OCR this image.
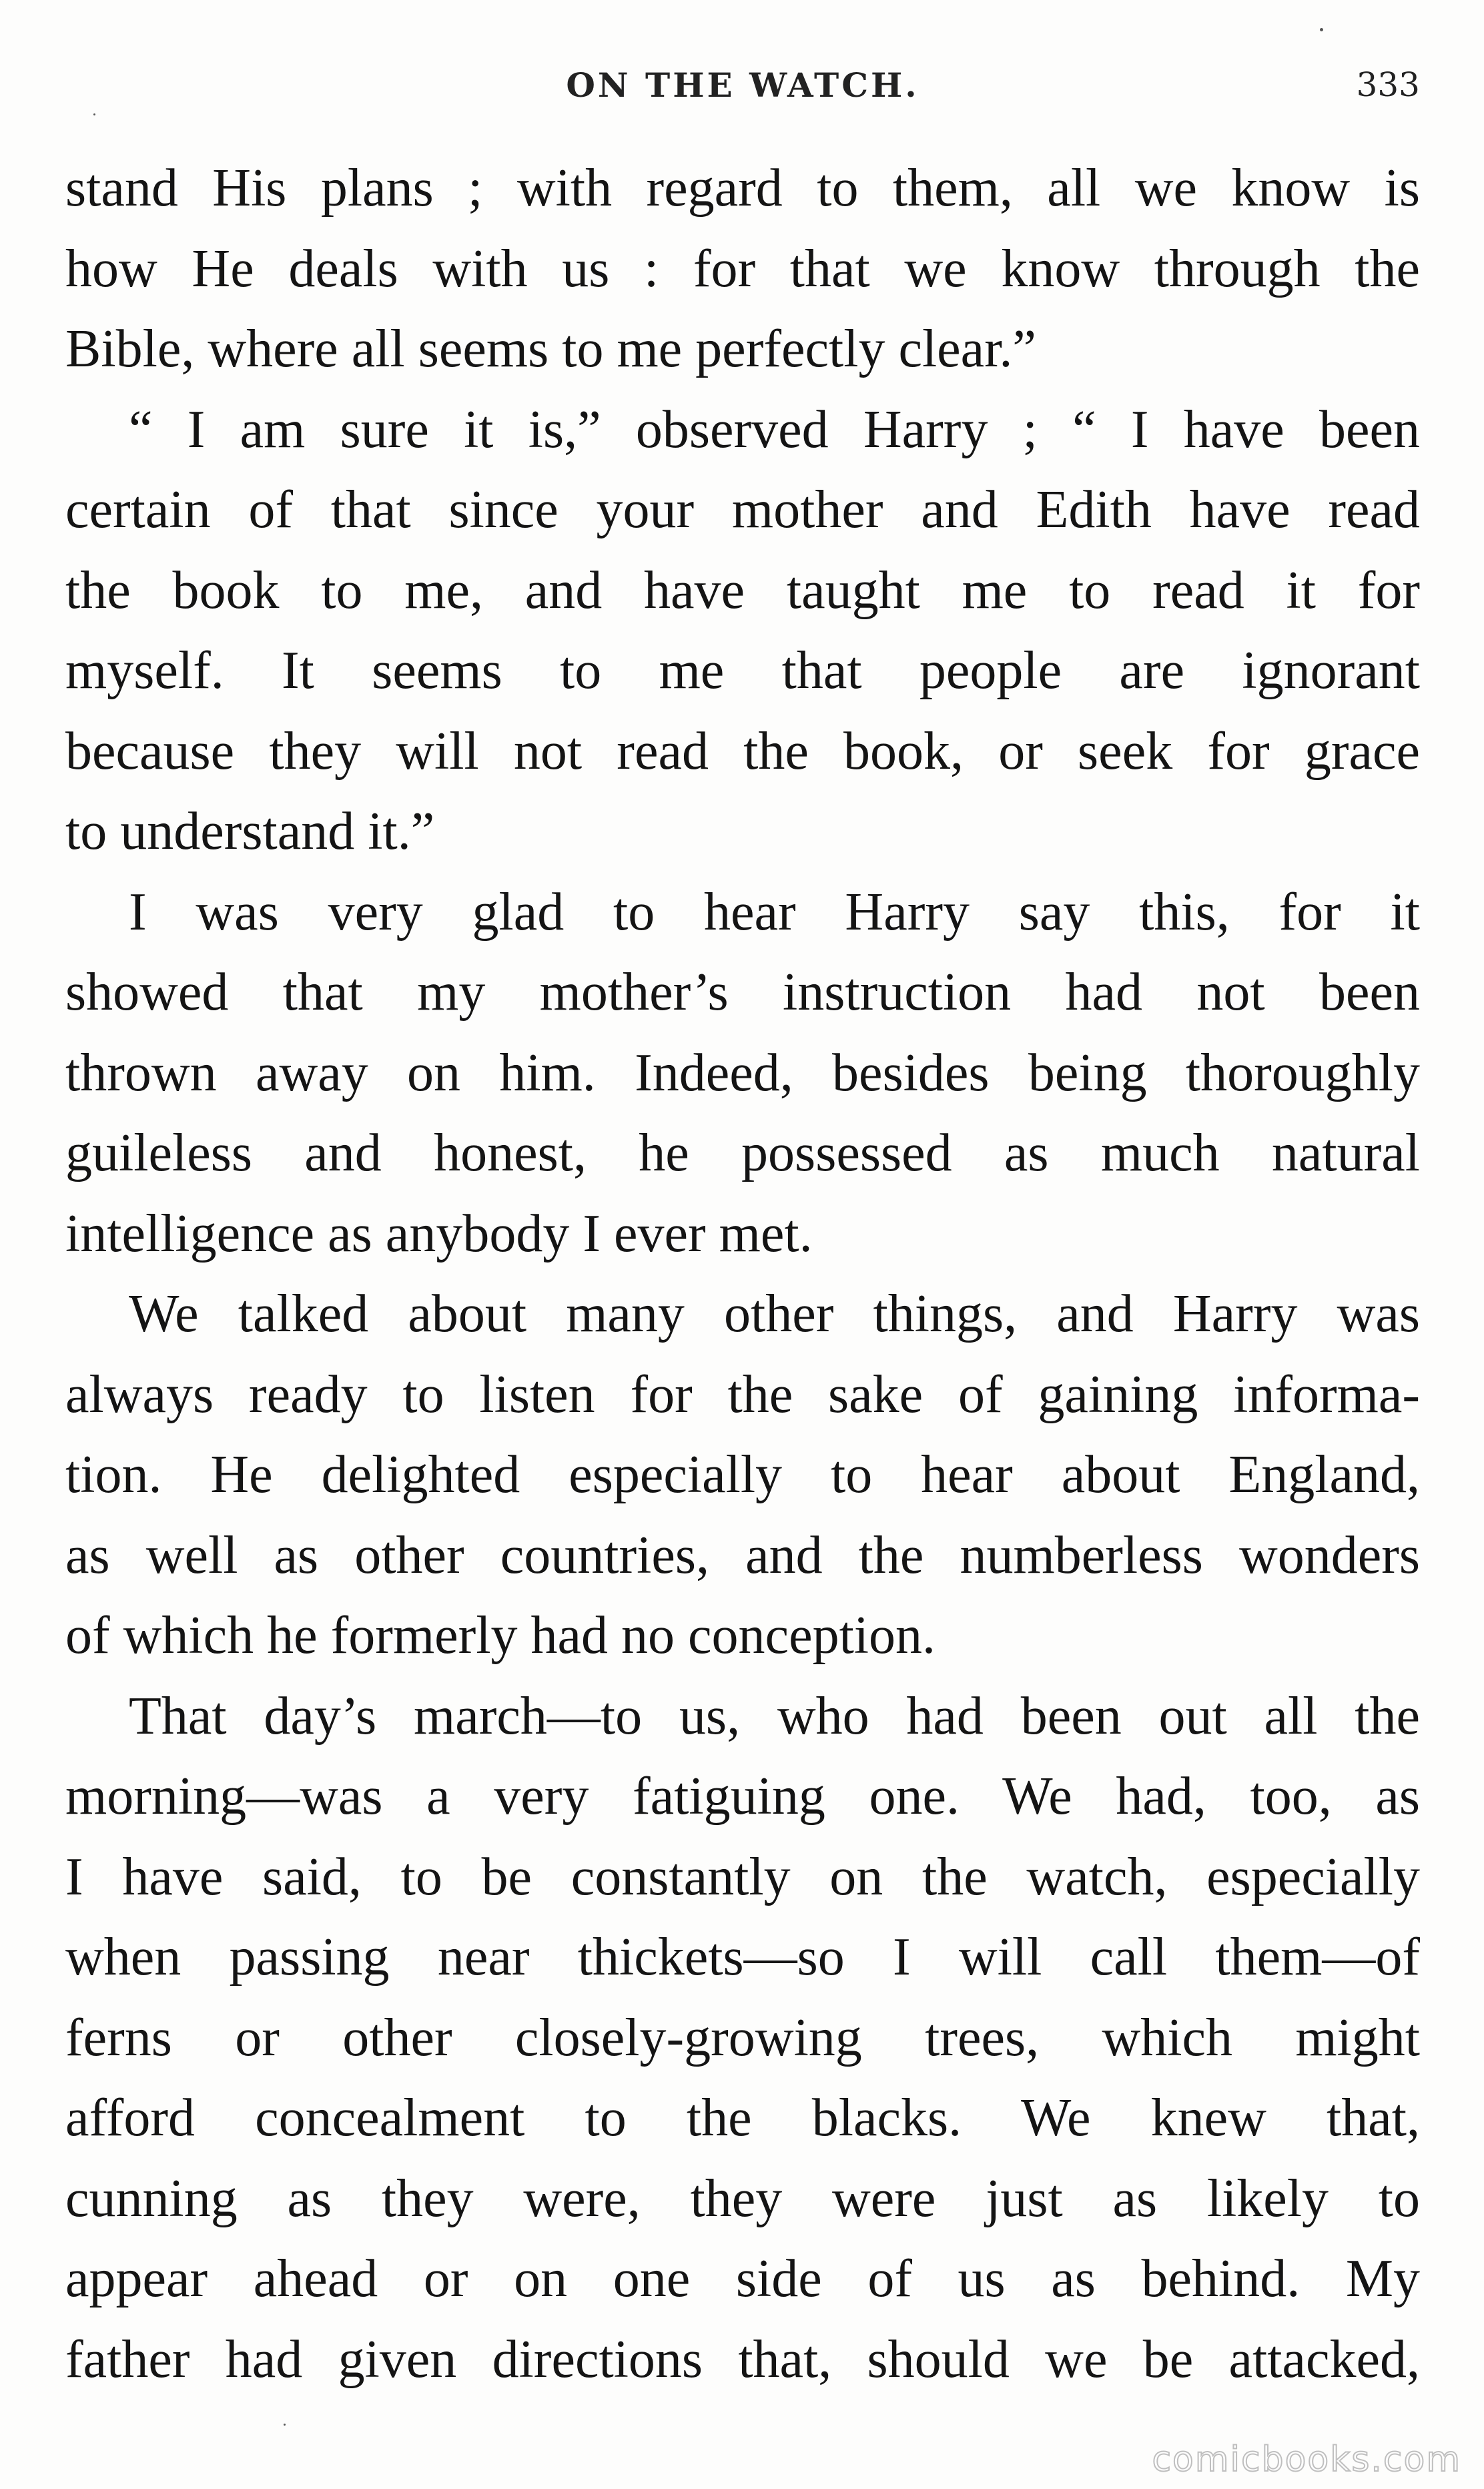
ON THE WATCH.	333
stand His plans ; with regard to them, all we know is
how He deals with us : for that we know through the
Bible, where all seems to me perfectly clear.”
“ I am sure it is,” observed Harry ; “ I have been
certain of that since your mother and Edith have read
the book to me, and have taught me to read it for
myself. It seems to me that people are ignorant
because they will not read the book, or seek for grace
to understand it.”
I was very glad to hear Harry say this, for it
showed that my mother’s instruction had not been
thrown away on him. Indeed, besides being thoroughly
guileless and honest, he possessed as much natural
intelligence as anybody I ever met.
We talked about many other things, and Harry was
always ready to listen for the sake of gaining informa-
tion. He delighted especially to hear about England,
as well as other countries, and the numberless wonders
of which he formerly had no conception.
That day’s march—to us, who had been out all the
morning—was a very fatiguing one. We had, too, as
I have said, to be constantly on the watch, especially
when passing near thickets—so I will call them—of
ferns or other closely-growing trees, which might
afford concealment to the blacks. We knew that,
cunning as they were, they were just as likely to
appear ahead or on one side of us as behind. My
father had given directions that, should we be attacked,
comicbooks.com
